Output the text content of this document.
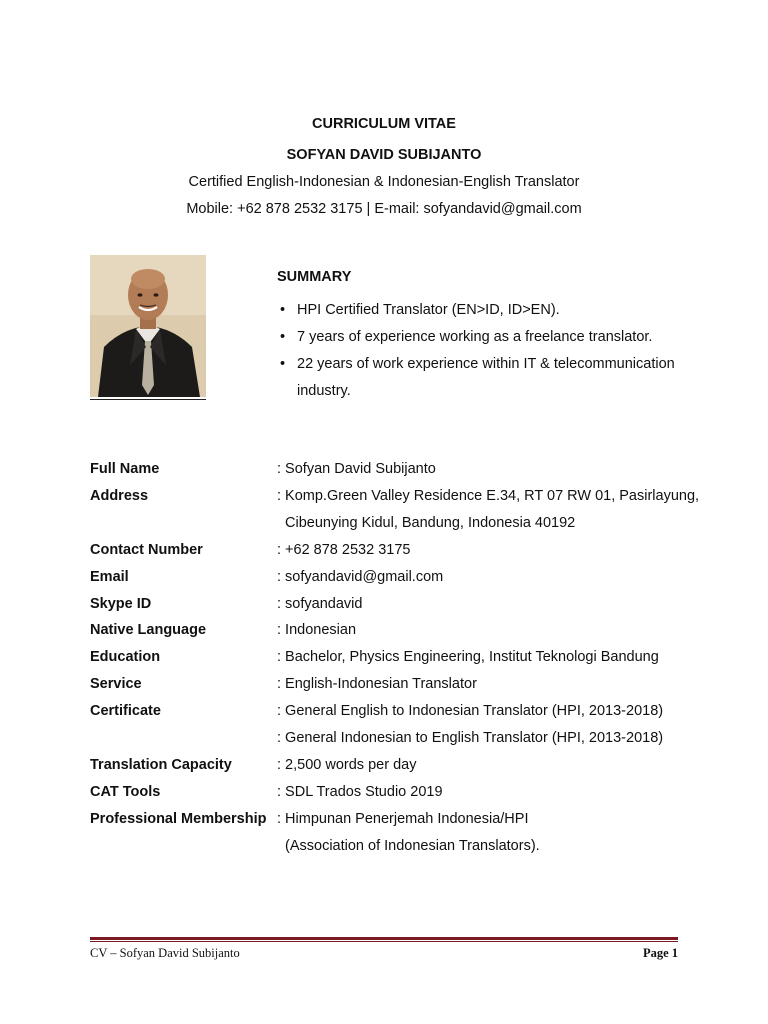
CURRICULUM VITAE
SOFYAN DAVID SUBIJANTO
Certified English-Indonesian & Indonesian-English Translator
Mobile: +62 878 2532 3175 | E-mail: sofyandavid@gmail.com
SUMMARY
• HPI Certified Translator (EN>ID, ID>EN).
• 7 years of experience working as a freelance translator.
• 22 years of work experience within IT & telecommunication industry.
Full Name	: Sofyan David Subijanto
Address	: Komp.Green Valley Residence E.34, RT 07 RW 01, Pasirlayung,
Cibeunying Kidul, Bandung, Indonesia 40192
Contact Number	: +62 878 2532 3175
Email	: sofyandavid@gmail.com
Skype ID	: sofyandavid
Native Language	: Indonesian
Education	: Bachelor, Physics Engineering, Institut Teknologi Bandung
Service	: English-Indonesian Translator
Certificate	: General English to Indonesian Translator (HPI, 2013-2018)
: General Indonesian to English Translator (HPI, 2013-2018)
Translation Capacity	: 2,500 words per day
CAT Tools	: SDL Trados Studio 2019
Professional Membership : Himpunan Penerjemah Indonesia/HPI
(Association of Indonesian Translators).
CV – Sofyan David Subijanto	Page 1
